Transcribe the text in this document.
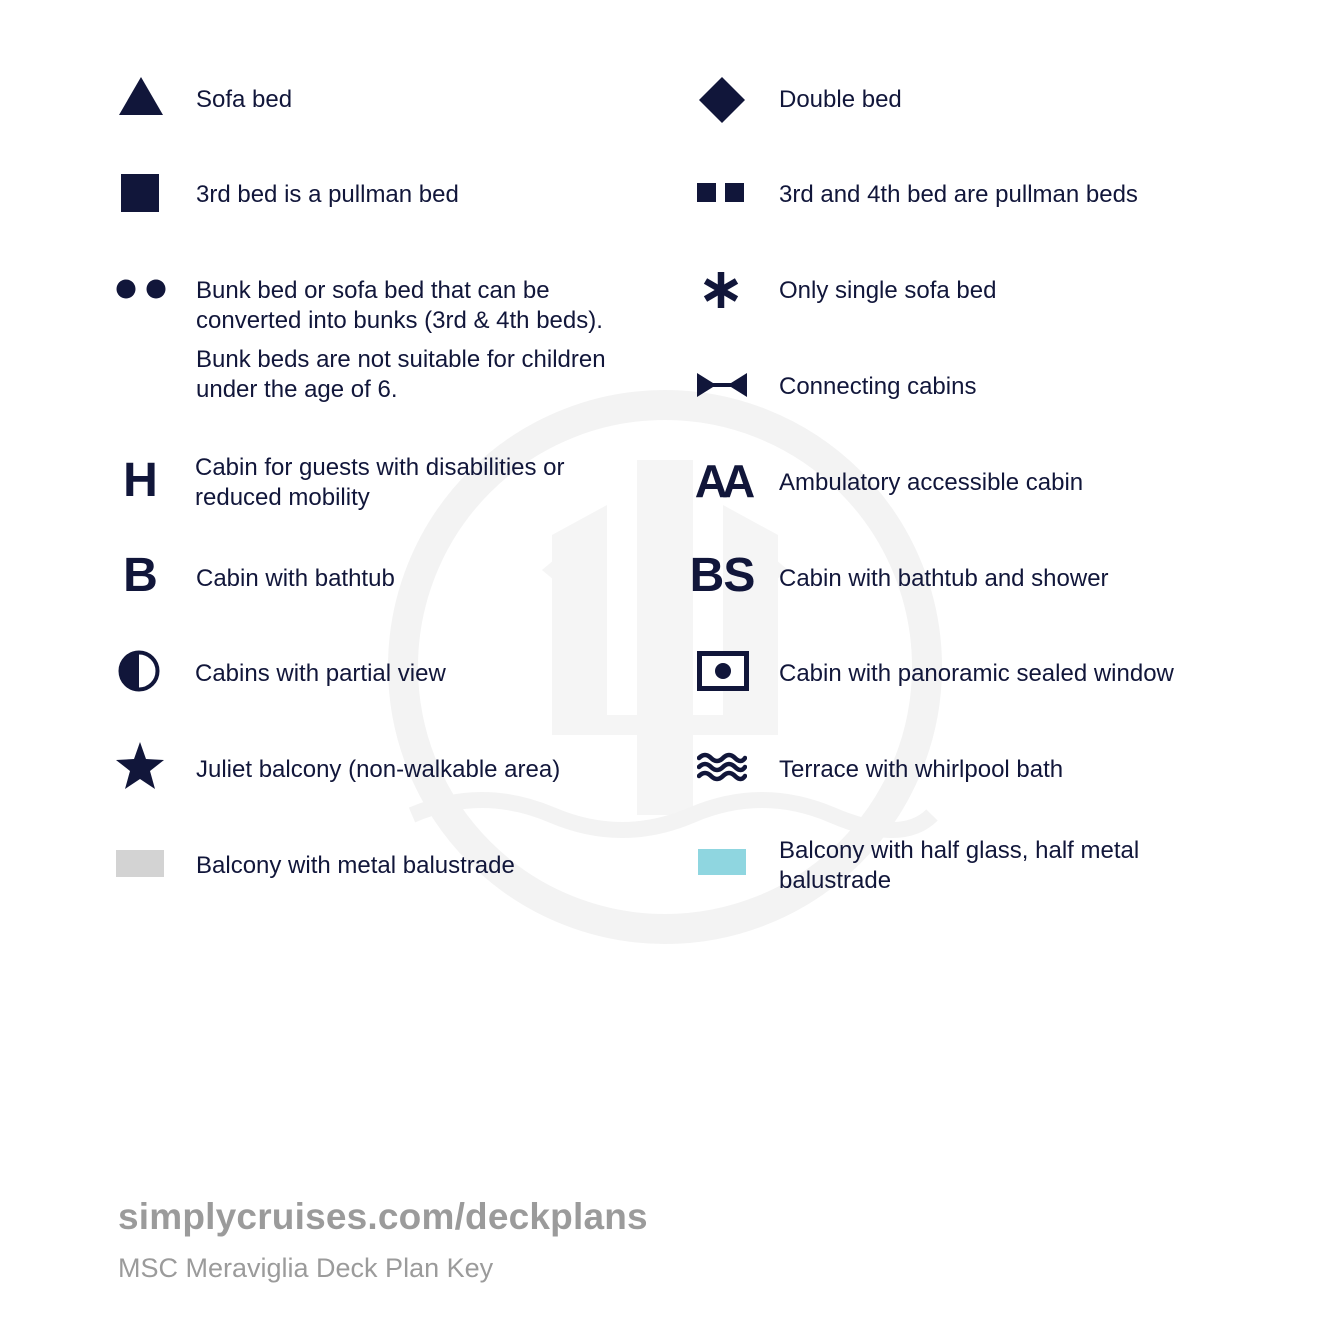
Sofa bed
3rd bed is a pullman bed
Bunk bed or sofa bed that can be converted into bunks (3rd & 4th beds).
Bunk beds are not suitable for children under the age of 6.
H Cabin for guests with disabilities or reduced mobility
B Cabin with bathtub
Cabins with partial view
Juliet balcony (non-walkable area)
Balcony with metal balustrade
Double bed
3rd and 4th bed are pullman beds
Only single sofa bed
Connecting cabins
AA Ambulatory accessible cabin
BS Cabin with bathtub and shower
Cabin with panoramic sealed window
Terrace with whirlpool bath
Balcony with half glass, half metal balustrade
simplycruises.com/deckplans
MSC Meraviglia Deck Plan Key
